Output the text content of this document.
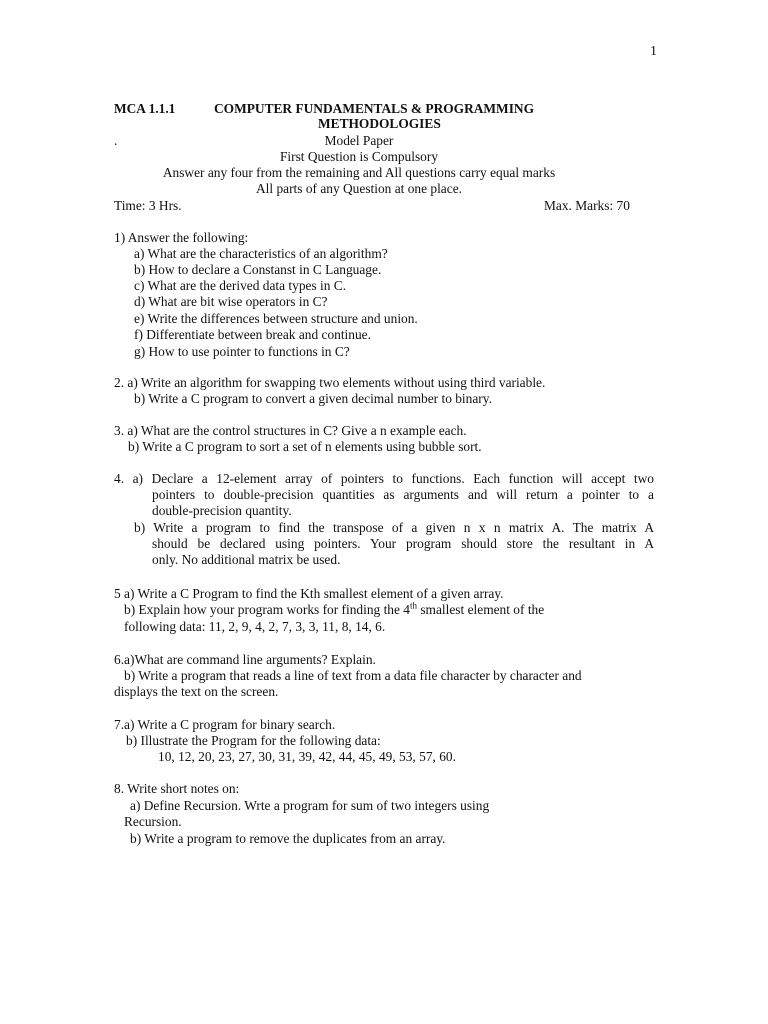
1
MCA 1.1.1	COMPUTER FUNDAMENTALS & PROGRAMMING
METHODOLOGIES
.	Model Paper
First Question is Compulsory
Answer any four from the remaining and All questions carry equal marks
All parts of any Question at one place.
Time: 3 Hrs.	Max. Marks: 70
1) Answer the following:
a) What are the characteristics of an algorithm?
b) How to declare a Constanst in C Language.
c) What are the derived data types in C.
d) What are bit wise operators in C?
e) Write the differences between structure and union.
f) Differentiate between break and continue.
g) How to use pointer to functions in C?
2. a) Write an algorithm for swapping two elements without using third variable.
b) Write a C program to convert a given decimal number to binary.
3. a) What are the control structures in C? Give a n example each.
b) Write a C program to sort a set of n elements using bubble sort.
4. a) Declare a 12-element array of pointers to functions. Each function will accept two
pointers to double-precision quantities as arguments and will return a pointer to a
double-precision quantity.
b) Write a program to find the transpose of a given n x n matrix A. The matrix A
should be declared using pointers. Your program should store the resultant in A
only. No additional matrix be used.
5 a) Write a C Program to find the Kth smallest element of a given array.
b) Explain how your program works for finding the 4th smallest element of the
following data: 11, 2, 9, 4, 2, 7, 3, 3, 11, 8, 14, 6.
6.a)What are command line arguments? Explain.
b) Write a program that reads a line of text from a data file character by character and
displays the text on the screen.
7.a) Write a C program for binary search.
b) Illustrate the Program for the following data:
10, 12, 20, 23, 27, 30, 31, 39, 42, 44, 45, 49, 53, 57, 60.
8. Write short notes on:
a) Define Recursion. Wrte a program for sum of two integers using
Recursion.
b) Write a program to remove the duplicates from an array.
